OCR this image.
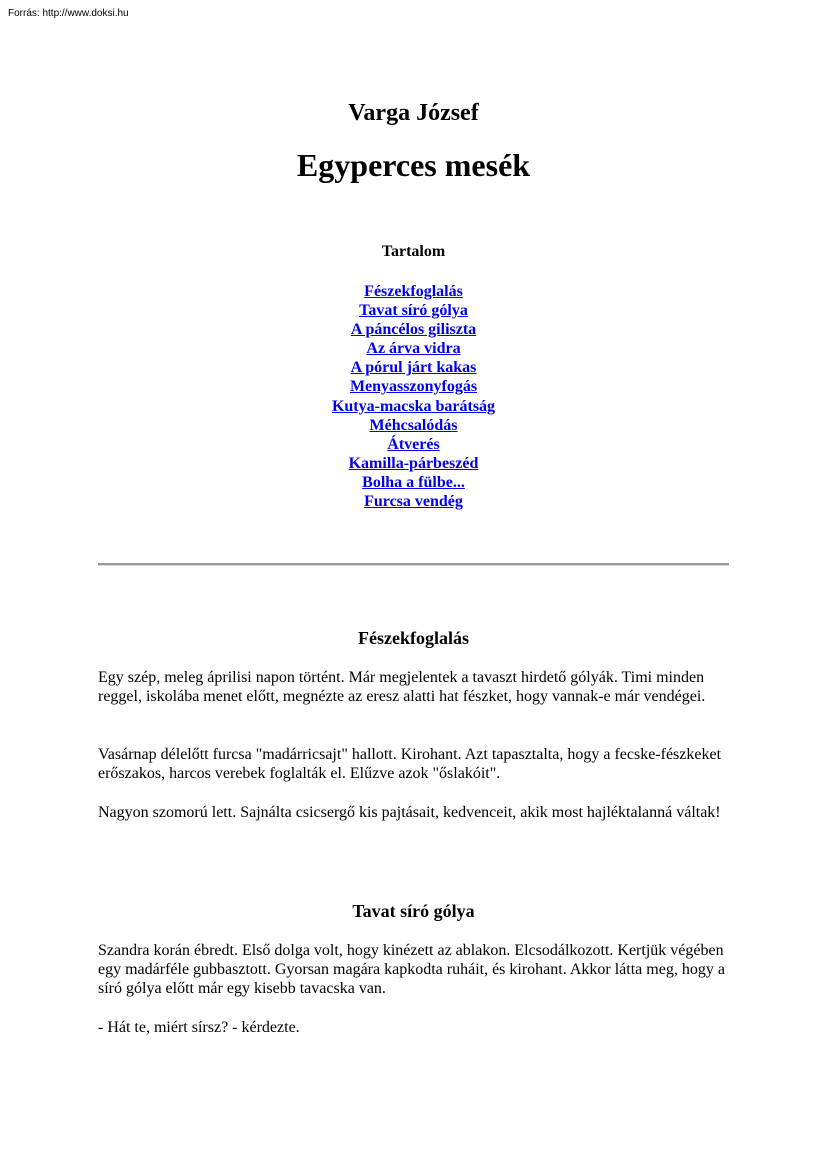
Forrás: http://www.doksi.hu
Varga József
Egyperces mesék
Tartalom
Fészekfoglalás
Tavat síró gólya
A páncélos giliszta
Az árva vidra
A pórul járt kakas
Menyasszonyfogás
Kutya-macska barátság
Méhcsalódás
Átverés
Kamilla-párbeszéd
Bolha a fülbe...
Furcsa vendég
Fészekfoglalás

Egy szép, meleg áprilisi napon történt. Már megjelentek a tavaszt hirdető gólyák. Timi minden reggel, iskolába menet előtt, megnézte az eresz alatti hat fészket, hogy vannak-e már vendégei.

Vasárnap délelőtt furcsa "madárricsajt" hallott. Kirohant. Azt tapasztalta, hogy a fecske-fészkeket erőszakos, harcos verebek foglalták el. Elűzve azok "őslakóit".

Nagyon szomorú lett. Sajnálta csicsergő kis pajtásait, kedvenceit, akik most hajléktalanná váltak!

Tavat síró gólya

Szandra korán ébredt. Első dolga volt, hogy kinézett az ablakon. Elcsodálkozott. Kertjük végében egy madárféle gubbasztott. Gyorsan magára kapkodta ruháit, és kirohant. Akkor látta meg, hogy a síró gólya előtt már egy kisebb tavacska van.

- Hát te, miért sírsz? - kérdezte.
